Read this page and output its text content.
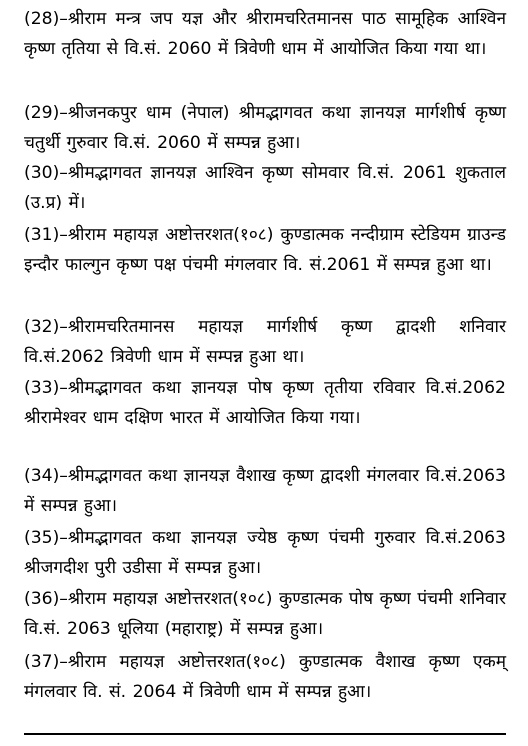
(28)–श्रीराम मन्त्र जप यज्ञ और श्रीरामचरितमानस पाठ सामूहिक आश्विन कृष्ण तृतिया से वि.सं. 2060 में त्रिवेणी धाम में आयोजित किया गया था।
(29)–श्रीजनकपुर धाम (नेपाल) श्रीमद्भागवत कथा ज्ञानयज्ञ मार्गशीर्ष कृष्ण चतुर्थी गुरुवार वि.सं. 2060 में सम्पन्न हुआ।
(30)–श्रीमद्भागवत ज्ञानयज्ञ आश्विन कृष्ण सोमवार वि.सं. 2061 शुकताल (उ.प्र) में।
(31)–श्रीराम महायज्ञ अष्टोत्तरशत(१०८) कुण्डात्मक नन्दीग्राम स्टेडियम ग्राउन्ड इन्दौर फाल्गुन कृष्ण पक्ष पंचमी मंगलवार वि. सं.2061 में सम्पन्न हुआ था।
(32)–श्रीरामचरितमानस महायज्ञ मार्गशीर्ष कृष्ण द्वादशी शनिवार वि.सं.2062 त्रिवेणी धाम में सम्पन्न हुआ था।
(33)–श्रीमद्भागवत कथा ज्ञानयज्ञ पोष कृष्ण तृतीया रविवार वि.सं.2062 श्रीरामेश्वर धाम दक्षिण भारत में आयोजित किया गया।
(34)–श्रीमद्भागवत कथा ज्ञानयज्ञ वैशाख कृष्ण द्वादशी मंगलवार वि.सं.2063 में सम्पन्न हुआ।
(35)–श्रीमद्भागवत कथा ज्ञानयज्ञ ज्येष्ठ कृष्ण पंचमी गुरुवार वि.सं.2063 श्रीजगदीश पुरी उडीसा में सम्पन्न हुआ।
(36)–श्रीराम महायज्ञ अष्टोत्तरशत(१०८) कुण्डात्मक पोष कृष्ण पंचमी शनिवार वि.सं. 2063 धूलिया (महाराष्ट्र) में सम्पन्न हुआ।
(37)–श्रीराम महायज्ञ अष्टोत्तरशत(१०८) कुण्डात्मक वैशाख कृष्ण एकम् मंगलवार वि. सं. 2064 में त्रिवेणी धाम में सम्पन्न हुआ।
